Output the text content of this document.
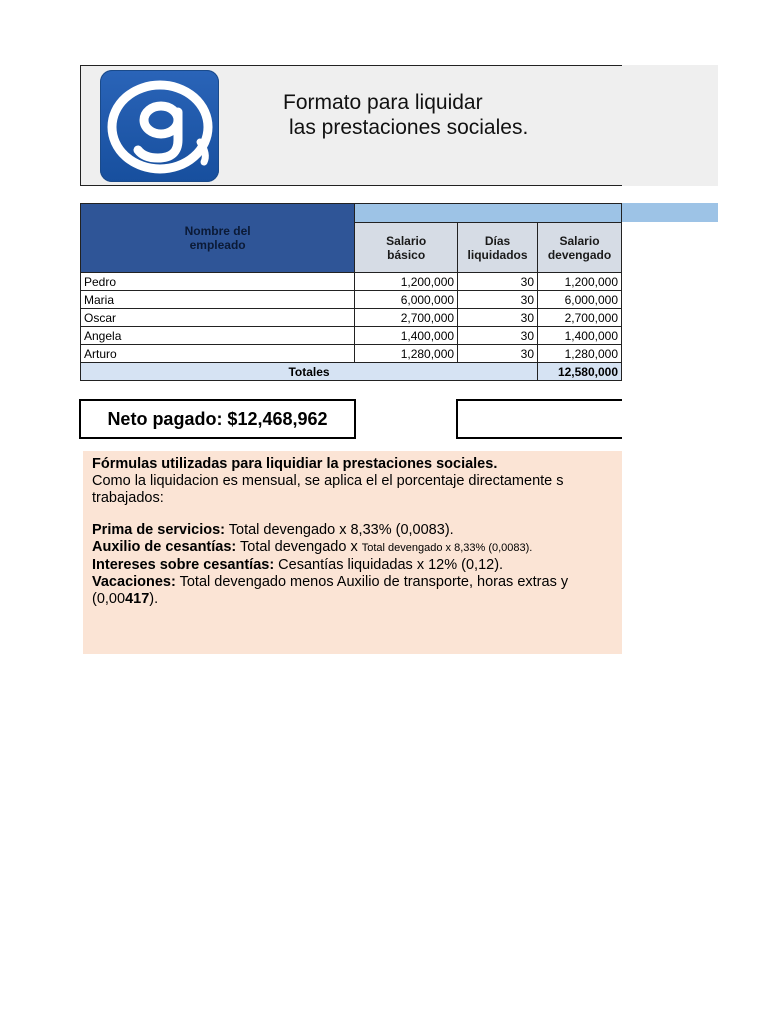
Formato para liquidar
las prestaciones sociales.
Nombre del empleado			

	Salario básico	Días liquidados	Salario devengado

Pedro	1,200,000	30	1,200,000
Maria	6,000,000	30	6,000,000
Oscar	2,700,000	30	2,700,000
Angela	1,400,000	30	1,400,000
Arturo	1,280,000	30	1,280,000
Totales			12,580,000
Neto pagado: $12,468,962

Fórmulas utilizadas para liquidiar la prestaciones sociales.

Como la liquidacion es mensual, se aplica el el porcentaje directamente s

trabajados:

Prima de servicios: Total devengado x 8,33% (0,0083).

Auxilio de cesantías: Total devengado x Total devengado x 8,33% (0,0083).

Intereses sobre cesantías: Cesantías liquidadas x 12% (0,12).

Vacaciones: Total devengado menos Auxilio de transporte, horas extras y

(0,00417).
